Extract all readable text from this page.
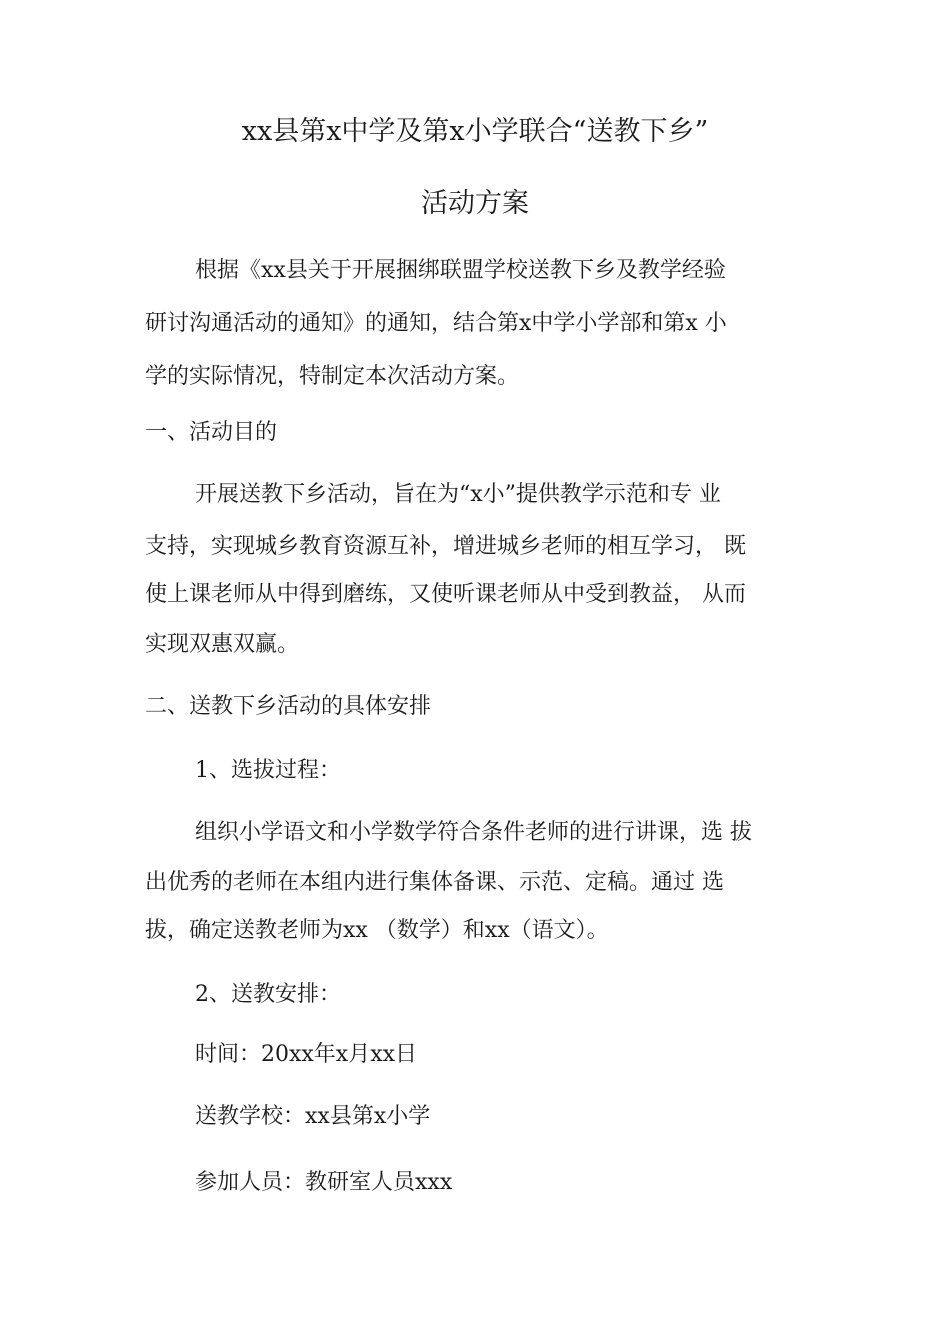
xx县第x中学及第x小学联合“送教下乡”
活动方案
根据《xx县关于开展捆绑联盟学校送教下乡及教学经验
研讨沟通活动的通知》的通知，结合第x中学小学部和第x 小
学的实际情况，特制定本次活动方案。
一、活动目的
开展送教下乡活动，旨在为“x小”提供教学示范和专 业
支持，实现城乡教育资源互补，增进城乡老师的相互学习， 既
使上课老师从中得到磨练，又使听课老师从中受到教益， 从而
实现双惠双赢。
二、送教下乡活动的具体安排
1、选拔过程：
组织小学语文和小学数学符合条件老师的进行讲课，选 拔
出优秀的老师在本组内进行集体备课、示范、定稿。通过 选
拔，确定送教老师为xx （数学）和xx（语文）。
2、送教安排：
时间：20xx年x月xx日
送教学校：xx县第x小学
参加人员：教研室人员xxx
